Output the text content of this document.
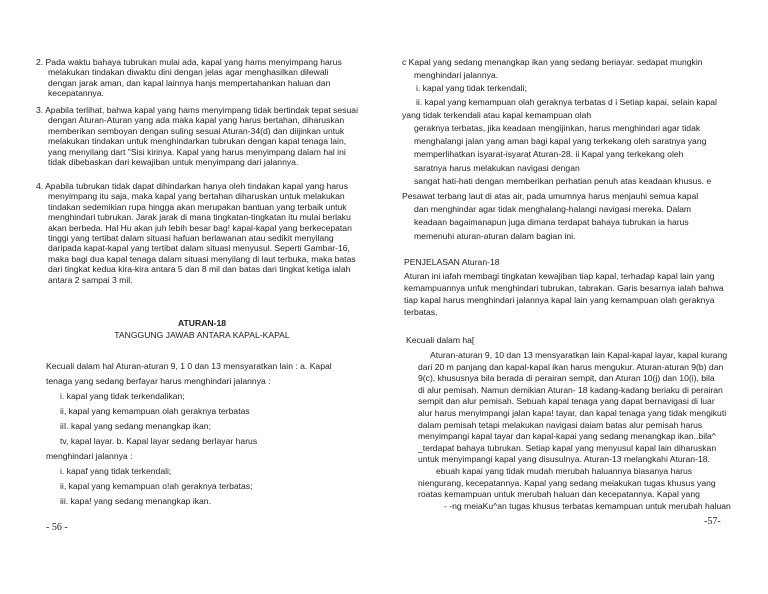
2. Pada waktu bahaya tubrukan mulai ada, kapal yang hams menyimpang harus
melakukan tindakan diwaktu dini dengan jelas agar menghasilkan dilewali
dengan jarak aman, dan kapal lainnya hanjs mempertahankan haluan dan
kecepatannya.
3. Apabila terlihat, bahwa kapal yang hams menyimpang tidak bertindak tepat sesuai
dengan Aturan-Aturan yang ada maka kapal yang harus bertahan, diharuskan
memberikan semboyan dengan suling sesuai Aturan-34(d) dan diijinkan untuk
melakukan tindakan untuk menghindarkan tubrukan dengan kapal tenaga lain,
yang menyilang dart "Sisi kirinya. Kapal yang harus menyimpang dalam hal ini
tidak dibebaskan dari kewajiban untuk menyimpang dari jalannya.
4. Apabila tubrukan tidak dapat dihindarkan hanya oleh tindakan kapal yang harus
menyimpang itu saja, maka kapal yang bertahan diharuskan untuk melakukan
tindakan sedemikian rupa hingga akan merupakan bantuan yang terbaik untuk
menghindari tubrukan. Jarak jarak di mana tingkatan-tingkatan itu mulai berlaku
akan berbeda. Hal Hu akan juh lebih besar bag! kapal-kapal yang berkecepatan
tinggi yang tertibat dalam situasi hafuan berlawanan atau sedikit menyilang
daripada kapat-kapal yang tertibat dalam situasi menyusul. Seperti Gambar-16,
maka bagi dua kapal tenaga dalam situasi menyilang di laut terbuka, maka batas
dari tingkat kedua kira-kira antara 5 dan 8 mil dan batas dari tingkat ketiga ialah
antara 2 sampai 3 mil.
ATURAN-18
TANGGUNG JAWAB ANTARA KAPAL-KAPAL
Kecuali dalam hal Aturan-aturan 9, 1 0 dan 13 mensyaratkan lain : a. Kapal
tenaga yang sedang berfayar harus menghindari jalannya :
i. kapal yang tidak terkendalikan;
ii, kapal yang kemampuan olah geraknya terbatas
iiI. kapal yang sedang menangkap ikan;
tv, kapal layar. b. Kapal layar sedang berlayar harus
menghindari jalannya :
i. kapaf yang tidak terkendali;
ii, kapal yang kemampuan o!ah geraknya terbatas;
iii. kapa! yang sedang menangkap ikan.
- 56 -
c Kapal yang sedang menangkap ikan yang sedang beriayar. sedapat mungkin
menghindari jalannya.
i. kapal yang tidak terkendali;
ii. kapal yang kemampuan olah geraknya terbatas d i Setiap kapai, selain kapal
yang tidak terkendali atau kapal kemampuan olah
geraknya terbatas, jika keadaan mengijinkan, harus menghindari agar tidak
menghalangi jalan yang aman bagi kapal yang terkekang oleh saratnya yang
memperlihatkan isyarat-isyarat Aturan-28. ii Kapal yang terkekang oleh
saratnya harus melakukan navigasi dengan
sangat hati-hati dengan memberikan perhatian penuh atas keadaan khusus. e
Pesawat terbang laut di atas air, pada umumnya harus menjauhi semua kapal
dan menghindar agar tidak menghalang-halangi navigasi mereka. Dalam
keadaan bagaimanapun juga dimana terdapat bahaya tubrukan ia harus
memenuhi aturan-aturan dalam bagian ini.
PENJELASAN Aturan-18
Aturan ini iafah membagi tingkatan kewajiban tiap kapal, terhadap kapal lain yang
kemampuannya unfuk menghindari tubrukan, tabrakan. Garis besarnya ialah bahwa
tiap kapal harus menghindari jalannya kapal lain yang kemampuan olah geraknya
terbatas,
Kecuali dalam ha[
Aturan-aturan 9, 10 dan 13 mensyaratkan lain Kapal-kapal layar, kapal kurang
dari 20 m panjang dan kapal-kapal ikan harus mengukur. Aturan-aturan 9(b) dan
9(c), khususnya bila berada di perairan sempit, dan Aturan 10(j) dan 10(i), bila
di alur pemisah. Namun demikian Aturan- 18 kadang-kadang beriaku di perairan
sempit dan alur pemisah. Sebuah kapal tenaga yang dapat bernavigasi di luar
alur harus menyimpangi jalan kapa! tayar, dan kapal tenaga yang tidak mengikuti
dalam pemisah tetapi melakukan navigasi daiam batas alur pemisah harus
menyimpangi kapal tayar dan kapal-kapai yang sedang menangkap ikan..bila^
_terdapat bahaya tubrukan. Setiap kapal yang menyusul kapal lain diharuskan
untuk menyimpangi kapal yang disusulnya. Aturan-13 melangkahi Aturan-18.
ebuah kapai yang tidak mudah merubah haluannya biasanya harus
niengurang, kecepatannya. Kapal yang sedang meiakukan tugas khusus yang
roatas kemampuan untuk merubah haluan dan kecepatannya. Kapal yang
- -ng meiaKu^an tugas khusus terbatas kemampuan untuk merubah haluan
-57-
